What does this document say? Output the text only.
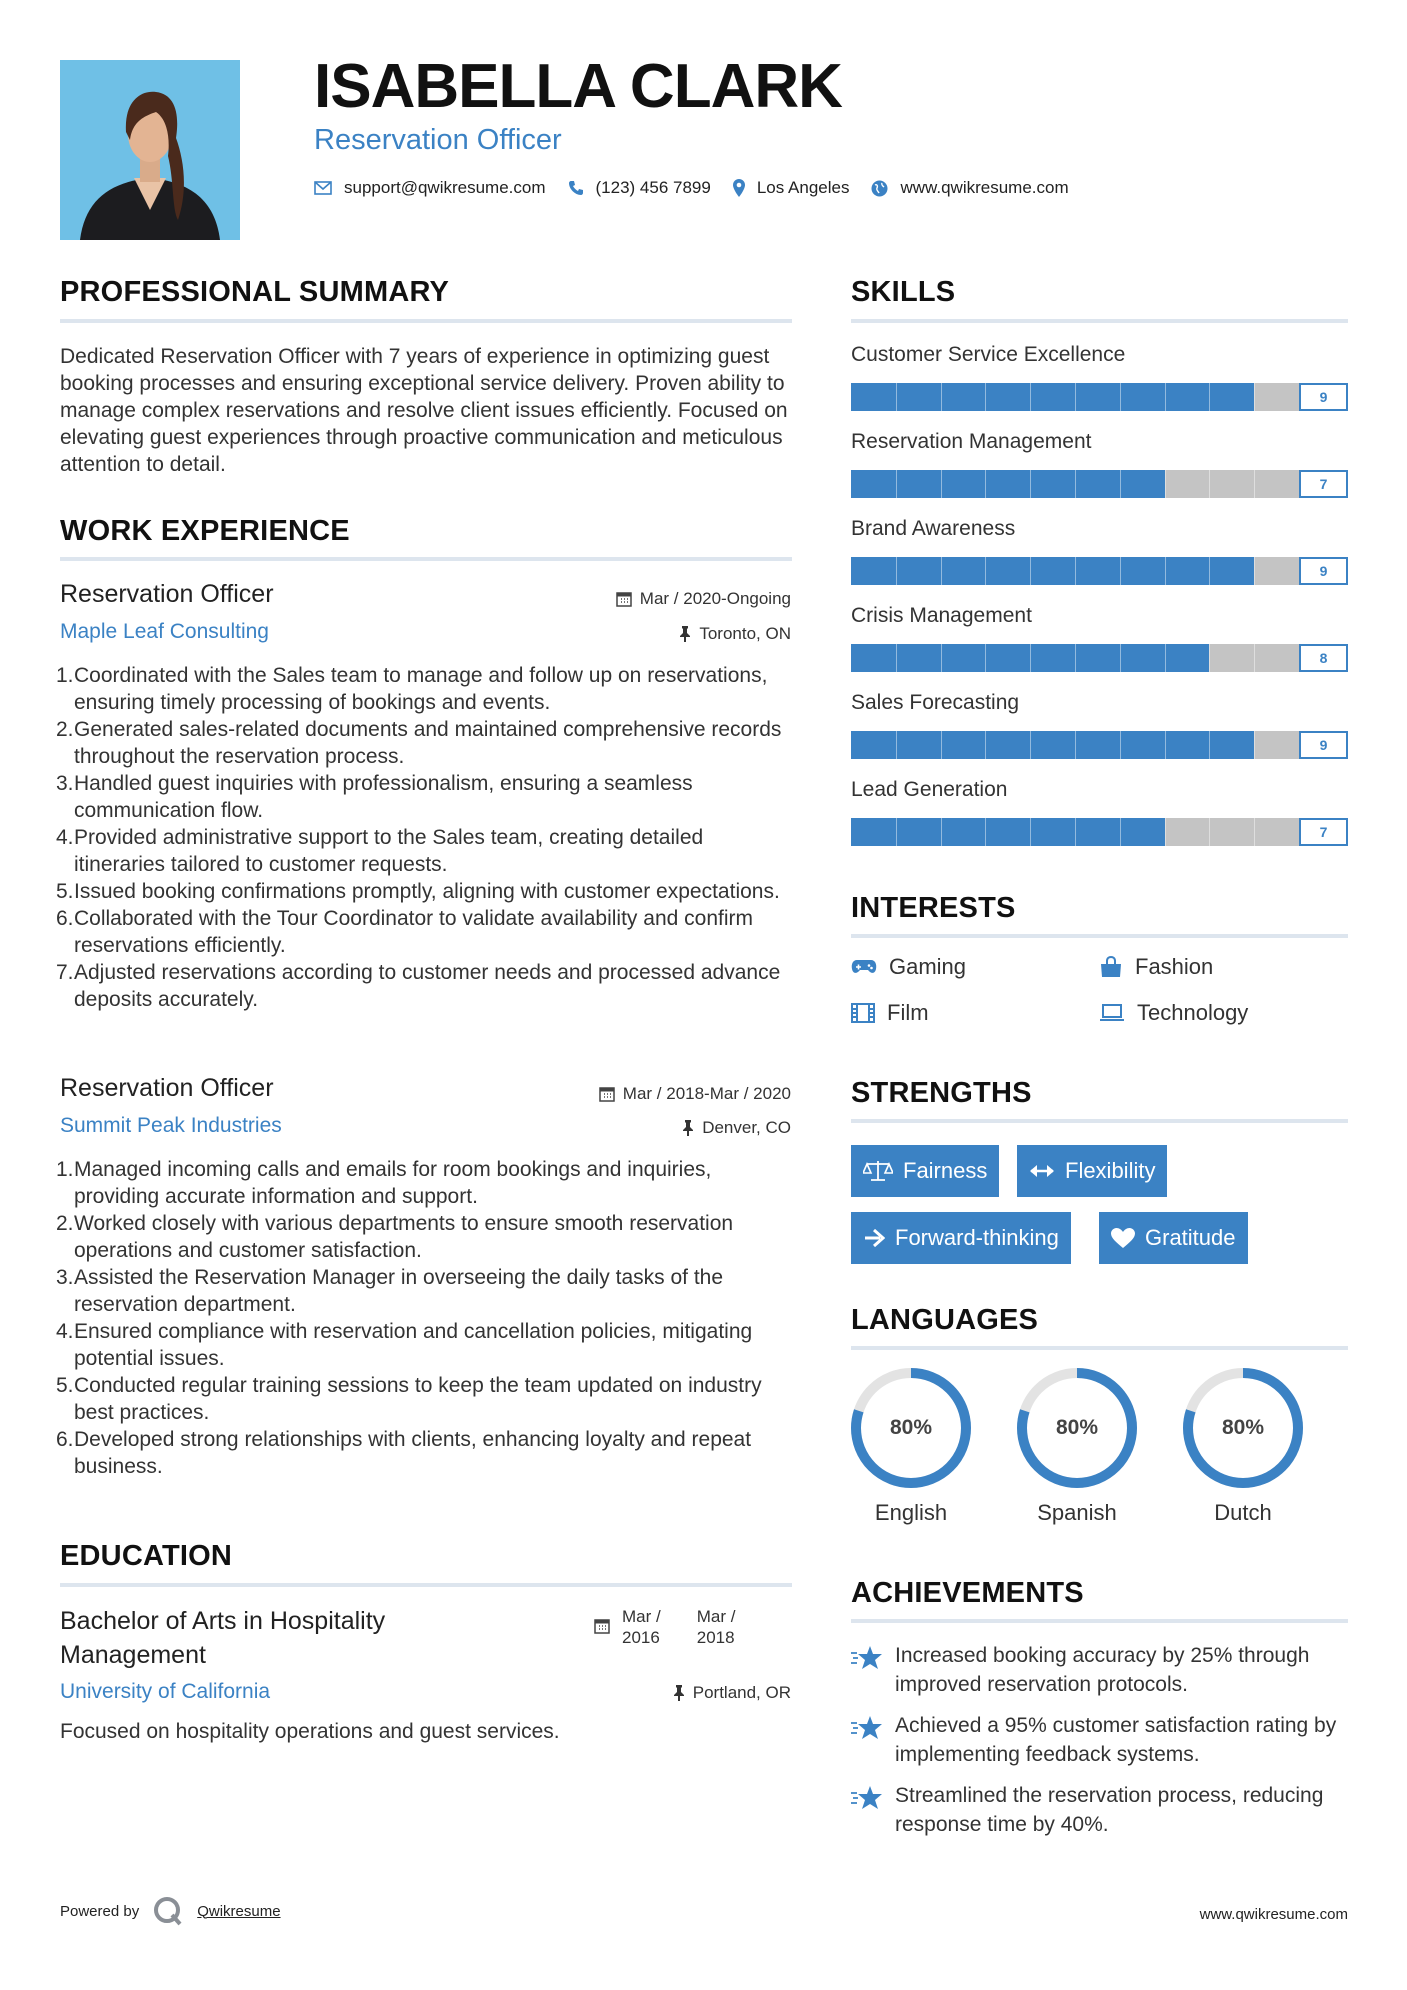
ISABELLA CLARK
Reservation Officer
support@qwikresume.com	(123) 456 7899	Los Angeles	www.qwikresume.com
PROFESSIONAL SUMMARY
Dedicated Reservation Officer with 7 years of experience in optimizing guest booking processes and ensuring exceptional service delivery. Proven ability to manage complex reservations and resolve client issues efficiently. Focused on elevating guest experiences through proactive communication and meticulous attention to detail.
WORK EXPERIENCE
Reservation Officer	Mar / 2020-Ongoing
Maple Leaf Consulting	Toronto, ON
1. Coordinated with the Sales team to manage and follow up on reservations, ensuring timely processing of bookings and events.
2. Generated sales-related documents and maintained comprehensive records throughout the reservation process.
3. Handled guest inquiries with professionalism, ensuring a seamless communication flow.
4. Provided administrative support to the Sales team, creating detailed itineraries tailored to customer requests.
5. Issued booking confirmations promptly, aligning with customer expectations.
6. Collaborated with the Tour Coordinator to validate availability and confirm reservations efficiently.
7. Adjusted reservations according to customer needs and processed advance deposits accurately.
Reservation Officer	Mar / 2018-Mar / 2020
Summit Peak Industries	Denver, CO
1. Managed incoming calls and emails for room bookings and inquiries, providing accurate information and support.
2. Worked closely with various departments to ensure smooth reservation operations and customer satisfaction.
3. Assisted the Reservation Manager in overseeing the daily tasks of the reservation department.
4. Ensured compliance with reservation and cancellation policies, mitigating potential issues.
5. Conducted regular training sessions to keep the team updated on industry best practices.
6. Developed strong relationships with clients, enhancing loyalty and repeat business.
EDUCATION
Bachelor of Arts in Hospitality Management
Mar /
2016
Mar /
2018
University of California	Portland, OR
Focused on hospitality operations and guest services.
SKILLS
Customer Service Excellence
9
Reservation Management
7
Brand Awareness
9
Crisis Management
8
Sales Forecasting
9
Lead Generation
7
INTERESTS
Gaming	Fashion
Film	Technology
STRENGTHS
Fairness	Flexibility
Forward-thinking	Gratitude
LANGUAGES
80%
English
80%
Spanish
80%
Dutch
ACHIEVEMENTS
Increased booking accuracy by 25% through improved reservation protocols.
Achieved a 95% customer satisfaction rating by implementing feedback systems.
Streamlined the reservation process, reducing response time by 40%.
Powered by	Qwikresume	www.qwikresume.com
